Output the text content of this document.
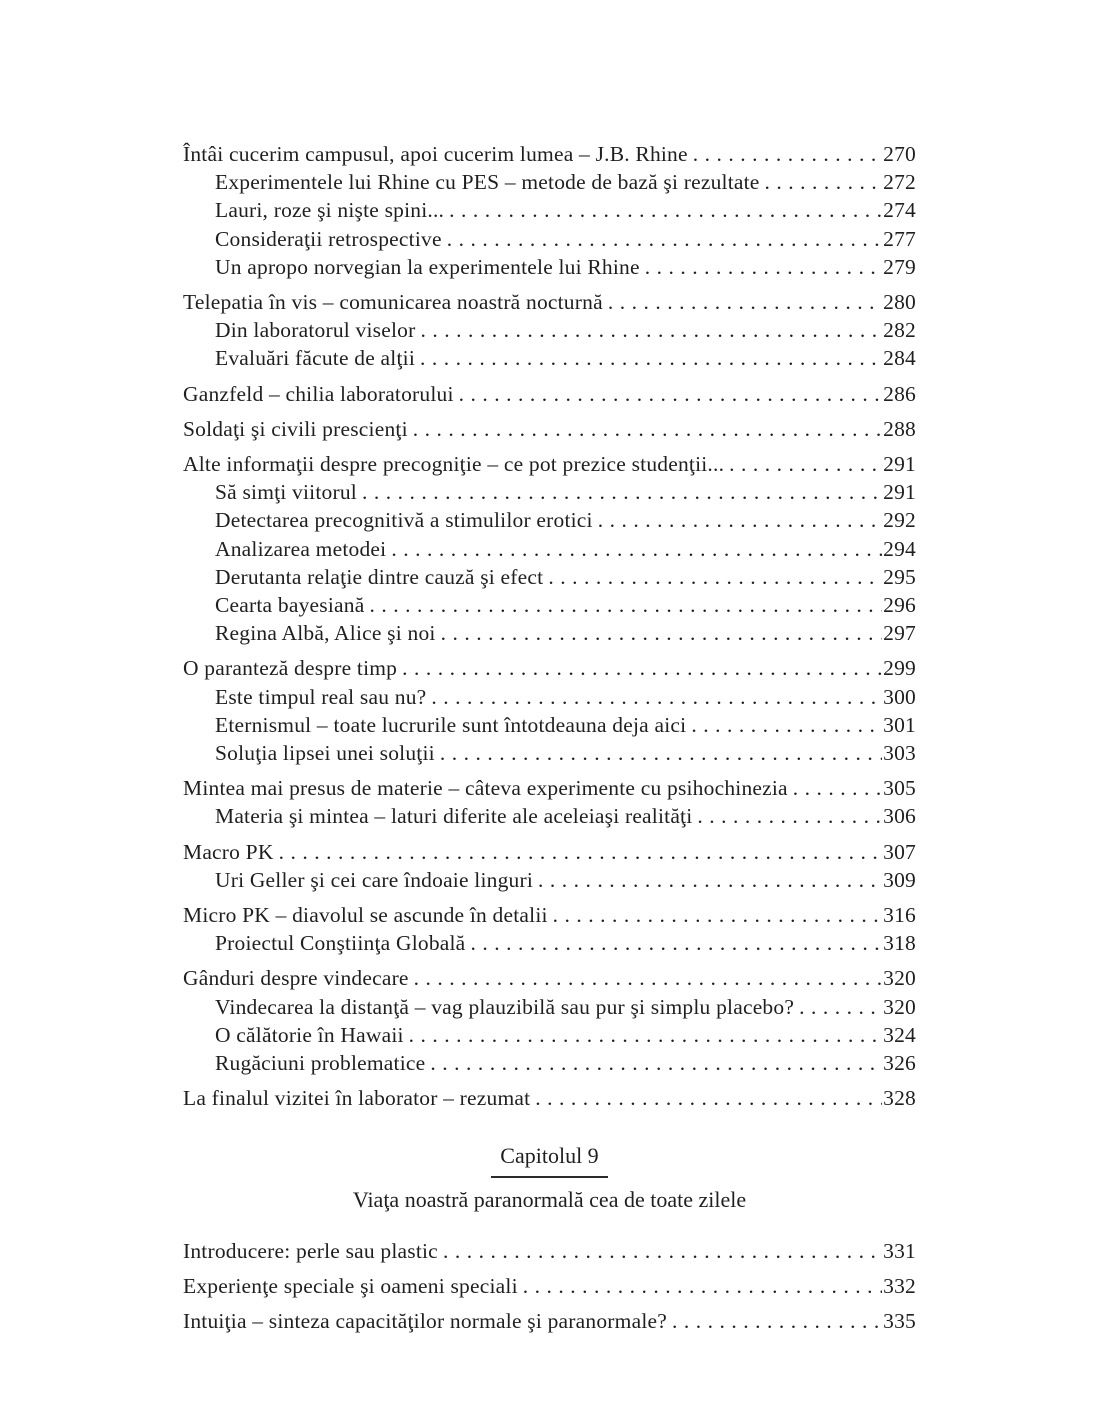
Întâi cucerim campusul, apoi cucerim lumea – J.B. Rhine .....	270
Experimentele lui Rhine cu PES – metode de bază şi rezultate .....	272
Lauri, roze şi nişte spini... .....	274
Consideraţii retrospective .....	277
Un apropo norvegian la experimentele lui Rhine .....	279
Telepatia în vis – comunicarea noastră nocturnă .....	280
Din laboratorul viselor .....	282
Evaluări făcute de alţii .....	284
Ganzfeld – chilia laboratorului .....	286
Soldaţi şi civili prescienţi .....	288
Alte informaţii despre precogniţie – ce pot prezice studenţii... .....	291
Să simţi viitorul .....	291
Detectarea precognitivă a stimulilor erotici .....	292
Analizarea metodei .....	294
Derutanta relaţie dintre cauză şi efect .....	295
Cearta bayesiană .....	296
Regina Albă, Alice şi noi .....	297
O paranteză despre timp .....	299
Este timpul real sau nu? .....	300
Eternismul – toate lucrurile sunt întotdeauna deja aici .....	301
Soluţia lipsei unei soluţii .....	303
Mintea mai presus de materie – câteva experimente cu psihochinezia .....	305
Materia şi mintea – laturi diferite ale aceleiaşi realităţi .....	306
Macro PK .....	307
Uri Geller şi cei care îndoaie linguri .....	309
Micro PK – diavolul se ascunde în detalii .....	316
Proiectul Conştiinţa Globală .....	318
Gânduri despre vindecare .....	320
Vindecarea la distanţă – vag plauzibilă sau pur şi simplu placebo? .....	320
O călătorie în Hawaii .....	324
Rugăciuni problematice .....	326
La finalul vizitei în laborator – rezumat .....	328
Capitolul 9
Viaţa noastră paranormală cea de toate zilele
Introducere: perle sau plastic .....	331
Experienţe speciale şi oameni speciali .....	332
Intuiţia – sinteza capacităţilor normale şi paranormale? .....	335
